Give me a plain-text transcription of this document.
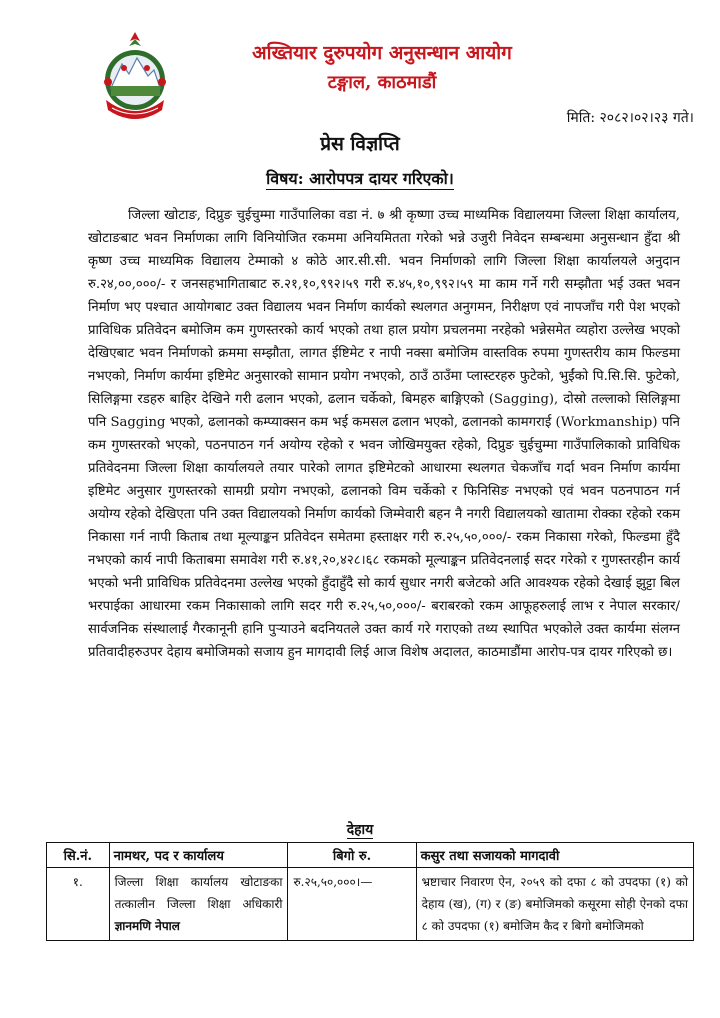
अख्तियार दुरुपयोग अनुसन्धान आयोग
टङ्गाल, काठमाडौं
मिति: २०८२।०२।२३ गते।
प्रेस विज्ञप्ति
विषय: आरोपपत्र दायर गरिएको।
जिल्ला खोटाङ, दिप्रुङ चुईचुम्मा गाउँपालिका वडा नं. ७ श्री कृष्णा उच्च माध्यमिक विद्यालयमा जिल्ला शिक्षा कार्यालय, खोटाङबाट भवन निर्माणका लागि विनियोजित रकममा अनियमितता गरेको भन्ने उजुरी निवेदन सम्बन्धमा अनुसन्धान हुँदा श्री कृष्ण उच्च माध्यमिक विद्यालय टेम्माको ४ कोठे आर.सी.सी. भवन निर्माणको लागि जिल्ला शिक्षा कार्यालयले अनुदान रु.२४,००,०००/- र जनसहभागिताबाट रु.२१,१०,९९२।५९ गरी रु.४५,१०,९९२।५९ मा काम गर्ने गरी सम्झौता भई उक्त भवन निर्माण भए पश्चात आयोगबाट उक्त विद्यालय भवन निर्माण कार्यको स्थलगत अनुगमन, निरीक्षण एवं नापजाँच गरी पेश भएको प्राविधिक प्रतिवेदन बमोजिम कम गुणस्तरको कार्य भएको तथा हाल प्रयोग प्रचलनमा नरहेको भन्नेसमेत व्यहोरा उल्लेख भएको देखिएबाट भवन निर्माणको क्रममा सम्झौता, लागत ईष्टिमेट र नापी नक्सा बमोजिम वास्तविक रुपमा गुणस्तरीय काम फिल्डमा नभएको, निर्माण कार्यमा इष्टिमेट अनुसारको सामान प्रयोग नभएको, ठाउँ ठाउँमा प्लास्टरहरु फुटेको, भुईंको पि.सि.सि. फुटेको, सिलिङ्गमा रडहरु बाहिर देखिने गरी ढलान भएको, ढलान चर्केको, बिमहरु बाङ्गिएको (Sagging), दोस्रो तल्लाको सिलिङ्गमा पनि Sagging भएको, ढलानको कम्प्याक्सन कम भई कमसल ढलान भएको, ढलानको कामगराई (Workmanship) पनि कम गुणस्तरको भएको, पठनपाठन गर्न अयोग्य रहेको र भवन जोखिमयुक्त रहेको, दिप्रुङ चुईचुम्मा गाउँपालिकाको प्राविधिक प्रतिवेदनमा जिल्ला शिक्षा कार्यालयले तयार पारेको लागत इष्टिमेटको आधारमा स्थलगत चेकजाँच गर्दा भवन निर्माण कार्यमा इष्टिमेट अनुसार गुणस्तरको सामग्री प्रयोग नभएको, ढलानको विम चर्केको र फिनिसिङ नभएको एवं भवन पठनपाठन गर्न अयोग्य रहेको देखिएता पनि उक्त विद्यालयको निर्माण कार्यको जिम्मेवारी बहन नै नगरी विद्यालयको खातामा रोक्का रहेको रकम निकासा गर्न नापी किताब तथा मूल्याङ्कन प्रतिवेदन समेतमा हस्ताक्षर गरी रु.२५,५०,०००/- रकम निकासा गरेको, फिल्डमा हुँदै नभएको कार्य नापी किताबमा समावेश गरी रु.४१,२०,४२८।६८ रकमको मूल्याङ्कन प्रतिवेदनलाई सदर गरेको र गुणस्तरहीन कार्य भएको भनी प्राविधिक प्रतिवेदनमा उल्लेख भएको हुँदाहुँदै सो कार्य सुधार नगरी बजेटको अति आवश्यक रहेको देखाई झुट्टा बिल भरपाईका आधारमा रकम निकासाको लागि सदर गरी रु.२५,५०,०००/- बराबरको रकम आफूहरुलाई लाभ र नेपाल सरकार/सार्वजनिक संस्थालाई गैरकानूनी हानि पुऱ्याउने बदनियतले उक्त कार्य गरे गराएको तथ्य स्थापित भएकोले उक्त कार्यमा संलग्न प्रतिवादीहरुउपर देहाय बमोजिमको सजाय हुन मागदावी लिई आज विशेष अदालत, काठमाडौंमा आरोप-पत्र दायर गरिएको छ।
देहाय
सि.नं.	नामथर, पद र कार्यालय	बिगो रु.	कसुर तथा सजायको मागदावी
१.	जिल्ला शिक्षा कार्यालय खोटाङका तत्कालीन जिल्ला शिक्षा अधिकारी ज्ञानमणि नेपाल	रु.२५,५०,०००।—	भ्रष्टाचार निवारण ऐन, २०५९ को दफा ८ को उपदफा (१) को देहाय (ख), (ग) र (ङ) बमोजिमको कसूरमा सोही ऐनको दफा ८ को उपदफा (१) बमोजिम कैद र बिगो बमोजिमको
